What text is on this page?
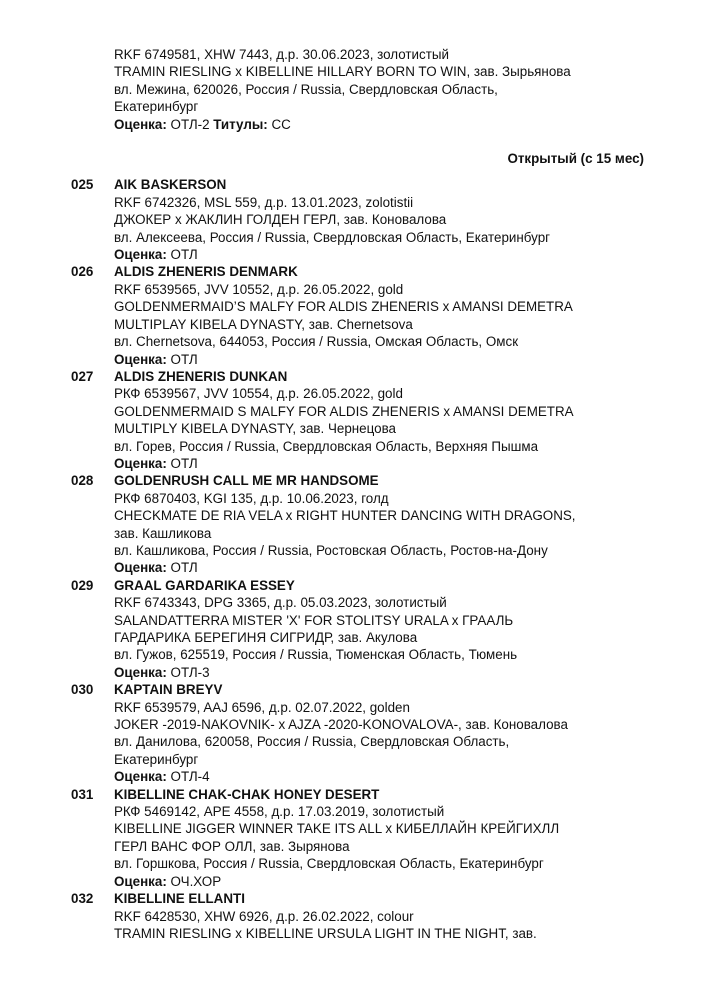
RKF 6749581, XHW 7443, д.р. 30.06.2023, золотистый
TRAMIN RIESLING x KIBELLINE HILLARY BORN TO WIN, зав. Зырьянова
вл. Межина, 620026, Россия / Russia, Свердловская Область,
Екатеринбург
Оценка: ОТЛ-2 Титулы: СС
Открытый (с 15 мес)
025	AIK BASKERSON
RKF 6742326, MSL 559, д.р. 13.01.2023, zolotistii
ДЖОКЕР x ЖАКЛИН ГОЛДЕН ГЕРЛ, зав. Коновалова
вл. Алексеева, Россия / Russia, Свердловская Область, Екатеринбург
Оценка: ОТЛ
026	ALDIS ZHENERIS DENMARK
RKF 6539565, JVV 10552, д.р. 26.05.2022, gold
GOLDENMERMAID’S MALFY FOR ALDIS ZHENERIS x AMANSI DEMETRA
MULTIPLAY KIBELA DYNASTY, зав. Chernetsova
вл. Chernetsova, 644053, Россия / Russia, Омская Область, Омск
Оценка: ОТЛ
027	ALDIS ZHENERIS DUNKAN
РКФ 6539567, JVV 10554, д.р. 26.05.2022, gold
GOLDENMERMAID S MALFY FOR ALDIS ZHENERIS x AMANSI DEMETRA
MULTIPLY KIBELA DYNASTY, зав. Чернецова
вл. Горев, Россия / Russia, Свердловская Область, Верхняя Пышма
Оценка: ОТЛ
028	GOLDENRUSH CALL ME MR HANDSOME
РКФ 6870403, KGI 135, д.р. 10.06.2023, голд
CHECKMATE DE RIA VELA x RIGHT HUNTER DANCING WITH DRAGONS,
зав. Кашликова
вл. Кашликова, Россия / Russia, Ростовская Область, Ростов-на-Дону
Оценка: ОТЛ
029	GRAAL GARDARIKA ESSEY
RKF 6743343, DPG 3365, д.р. 05.03.2023, золотистый
SALANDATTERRA MISTER 'X' FOR STOLITSY URALA x ГРААЛЬ
ГАРДАРИКА БЕРЕГИНЯ СИГРИДР, зав. Акулова
вл. Гужов, 625519, Россия / Russia, Тюменская Область, Тюмень
Оценка: ОТЛ-3
030	KAPTAIN BREYV
RKF 6539579, AAJ 6596, д.р. 02.07.2022, golden
JOKER -2019-NAKOVNIK- x AJZA -2020-KONOVALOVA-, зав. Коновалова
вл. Данилова, 620058, Россия / Russia, Свердловская Область,
Екатеринбург
Оценка: ОТЛ-4
031	KIBELLINE CHAK-CHAK HONEY DESERT
РКФ 5469142, APE 4558, д.р. 17.03.2019, золотистый
KIBELLINE JIGGER WINNER TAKE ITS ALL x КИБЕЛЛАЙН КРЕЙГИХЛЛ
ГЕРЛ ВАНС ФОР ОЛЛ, зав. Зырянова
вл. Горшкова, Россия / Russia, Свердловская Область, Екатеринбург
Оценка: ОЧ.ХОР
032	KIBELLINE ELLANTI
RKF 6428530, XHW 6926, д.р. 26.02.2022, colour
TRAMIN RIESLING x KIBELLINE URSULA LIGHT IN THE NIGHT, зав.
